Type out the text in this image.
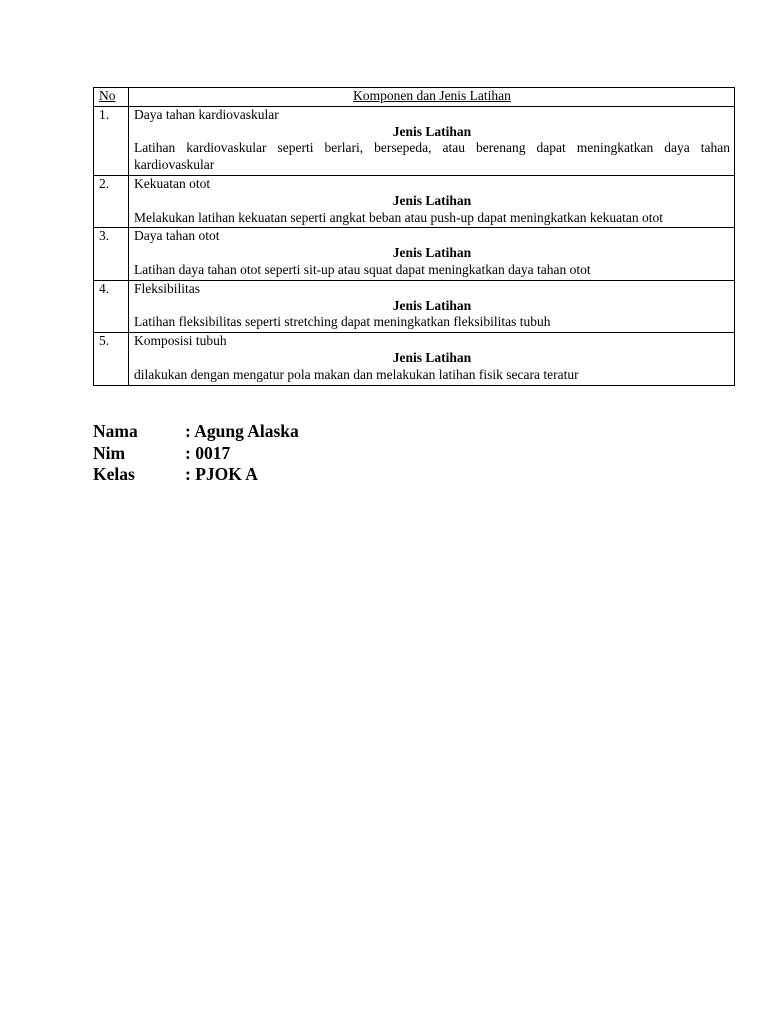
No	Komponen dan Jenis Latihan
1.	Daya tahan kardiovaskular
Jenis Latihan
Latihan kardiovaskular seperti berlari, bersepeda, atau berenang dapat meningkatkan daya tahan kardiovaskular

2.	Kekuatan otot
Jenis Latihan
Melakukan latihan kekuatan seperti angkat beban atau push-up dapat meningkatkan kekuatan otot

3.	Daya tahan otot
Jenis Latihan
Latihan daya tahan otot seperti sit-up atau squat dapat meningkatkan daya tahan otot

4.	Fleksibilitas
Jenis Latihan
Latihan fleksibilitas seperti stretching dapat meningkatkan fleksibilitas tubuh

5.	Komposisi tubuh
Jenis Latihan
dilakukan dengan mengatur pola makan dan melakukan latihan fisik secara teratur
Nama	: Agung Alaska
Nim	: 0017
Kelas	: PJOK A
